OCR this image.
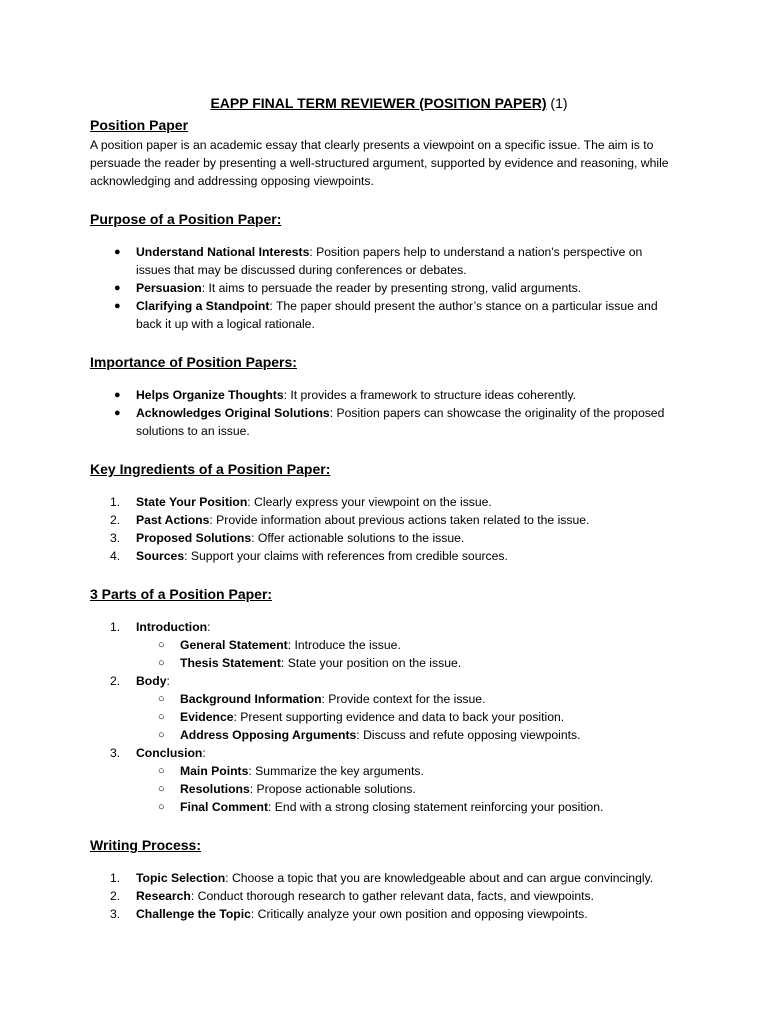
EAPP FINAL TERM REVIEWER (POSITION PAPER) (1)
Position Paper
A position paper is an academic essay that clearly presents a viewpoint on a specific issue. The aim is to persuade the reader by presenting a well-structured argument, supported by evidence and reasoning, while acknowledging and addressing opposing viewpoints.
Purpose of a Position Paper:
● Understand National Interests: Position papers help to understand a nation's perspective on issues that may be discussed during conferences or debates.
● Persuasion: It aims to persuade the reader by presenting strong, valid arguments.
● Clarifying a Standpoint: The paper should present the author’s stance on a particular issue and back it up with a logical rationale.
Importance of Position Papers:
● Helps Organize Thoughts: It provides a framework to structure ideas coherently.
● Acknowledges Original Solutions: Position papers can showcase the originality of the proposed solutions to an issue.
Key Ingredients of a Position Paper:
1. State Your Position: Clearly express your viewpoint on the issue.
2. Past Actions: Provide information about previous actions taken related to the issue.
3. Proposed Solutions: Offer actionable solutions to the issue.
4. Sources: Support your claims with references from credible sources.
3 Parts of a Position Paper:
1. Introduction:
○ General Statement: Introduce the issue.
○ Thesis Statement: State your position on the issue.
2. Body:
○ Background Information: Provide context for the issue.
○ Evidence: Present supporting evidence and data to back your position.
○ Address Opposing Arguments: Discuss and refute opposing viewpoints.
3. Conclusion:
○ Main Points: Summarize the key arguments.
○ Resolutions: Propose actionable solutions.
○ Final Comment: End with a strong closing statement reinforcing your position.
Writing Process:
1. Topic Selection: Choose a topic that you are knowledgeable about and can argue convincingly.
2. Research: Conduct thorough research to gather relevant data, facts, and viewpoints.
3. Challenge the Topic: Critically analyze your own position and opposing viewpoints.
